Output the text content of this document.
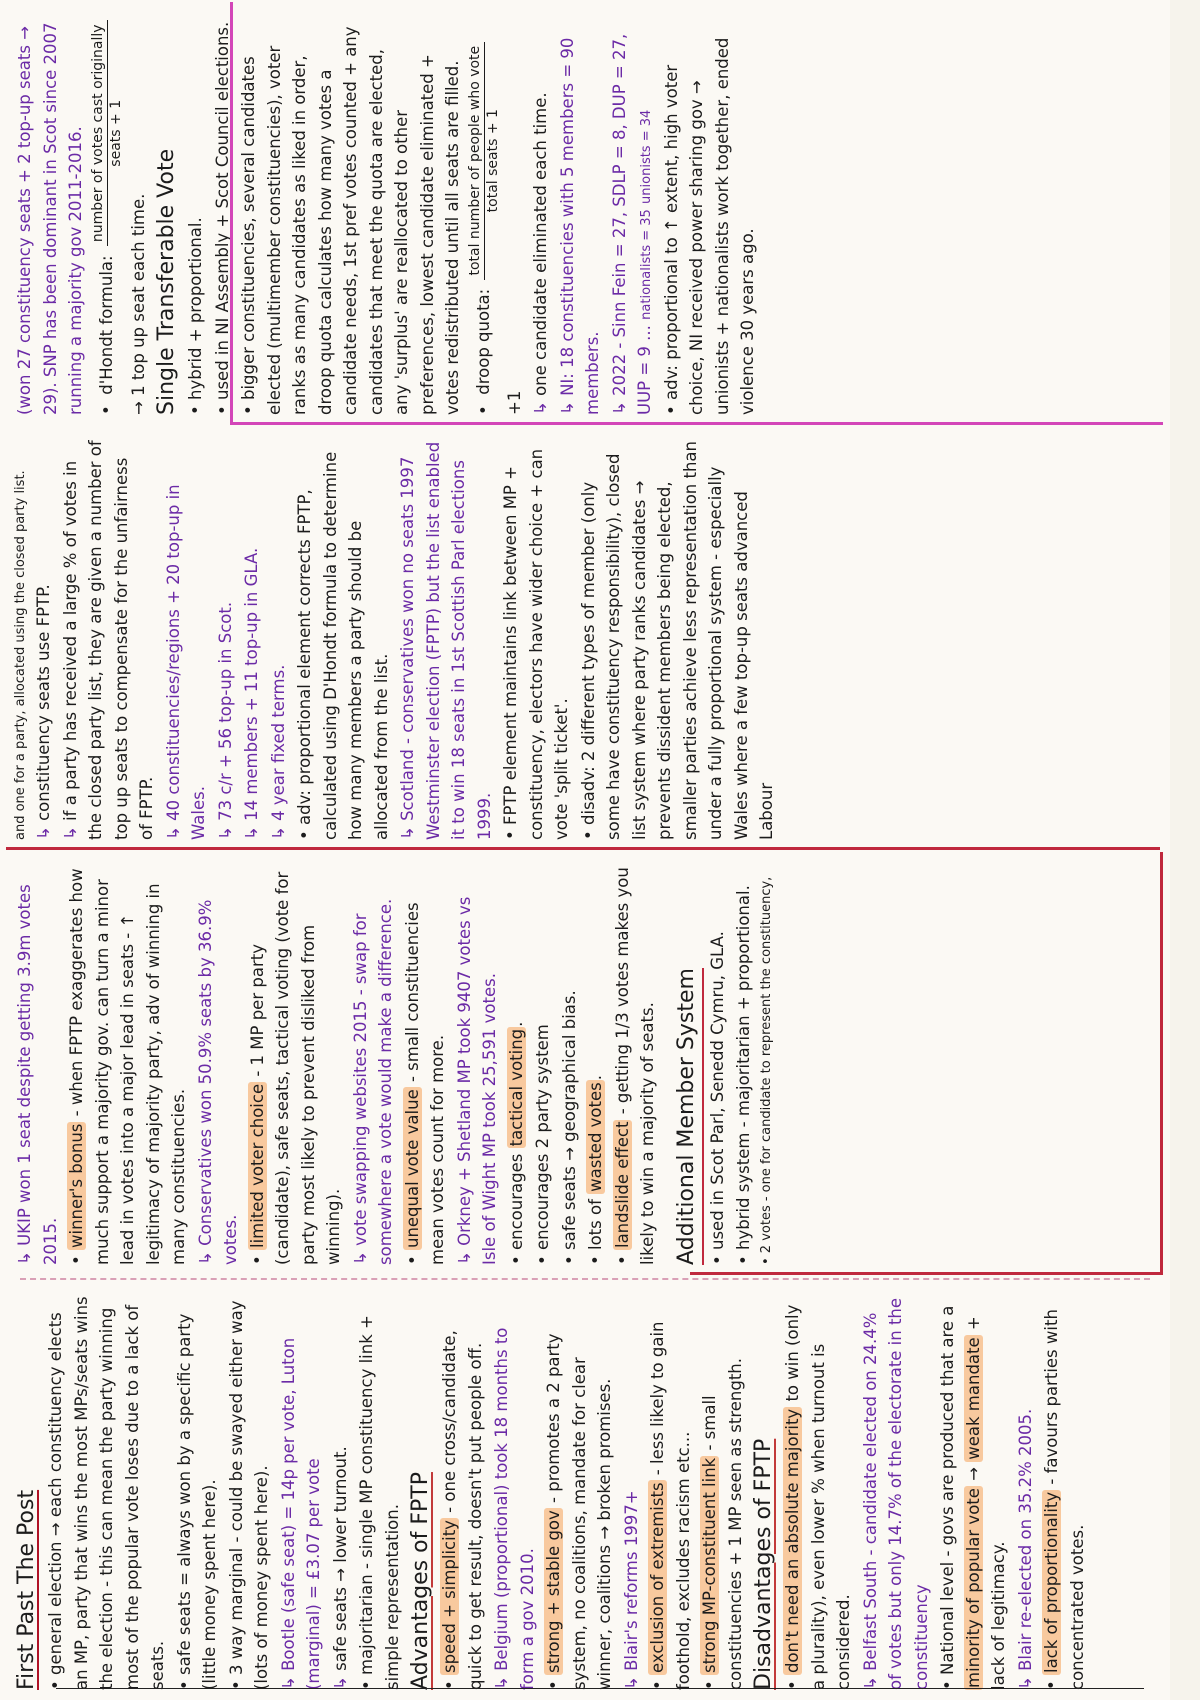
First Past The Post • general election → each constituency elects an MP, party that wins the most MPs/seats wins the election - this can mean the party winning most of the popular vote loses due to a lack of seats. • safe seats = always won by a specific party (little money spent here). • 3 way marginal - could be swayed either way (lots of money spent here). ↳ Bootle (safe seat) = 14p per vote, Luton (marginal) = £3.07 per vote ↳ safe seats → lower turnout. • majoritarian - single MP constituency link + simple representation. Advantages of FPTP • speed + simplicity - one cross/candidate, quick to get result, doesn't put people off. ↳ Belgium (proportional) took 18 months to form a gov 2010. • strong + stable gov - promotes a 2 party system, no coalitions, mandate for clear winner, coalitions → broken promises. ↳ Blair's reforms 1997+ • exclusion of extremists - less likely to gain foothold, excludes racism etc... • strong MP-constituent link - small constituencies + 1 MP seen as strength. Disadvantages of FPTP • don't need an absolute majority to win (only a plurality), even lower % when turnout is considered. ↳ Belfast South - candidate elected on 24.4% of votes but only 14.7% of the electorate in the constituency • National level - govs are produced that are a minority of popular vote → weak mandate + lack of legitimacy. ↳ Blair re-elected on 35.2% 2005. • lack of proportionality - favours parties with concentrated votes.

↳ UKIP won 1 seat despite getting 3.9m votes 2015. • winner's bonus - when FPTP exaggerates how much support a majority gov. can turn a minor lead in votes into a major lead in seats - ↑ legitimacy of majority party, adv of winning in many constituencies. ↳ Conservatives won 50.9% seats by 36.9% votes. • limited voter choice - 1 MP per party (candidate), safe seats, tactical voting (vote for party most likely to prevent disliked from winning). ↳ vote swapping websites 2015 - swap for somewhere a vote would make a difference. • unequal vote value - small constituencies mean votes count for more. ↳ Orkney + Shetland MP took 9407 votes vs Isle of Wight MP took 25,591 votes. • encourages tactical voting. • encourages 2 party system • safe seats → geographical bias. • lots of wasted votes.

• landslide effect - getting 1/3 votes makes you likely to win a majority of seats. Additional Member System • used in Scot Parl, Senedd Cymru, GLA. • hybrid system - majoritarian + proportional. • 2 votes - one for candidate to represent the constituency,

and one for a party, allocated using the closed party list. ↳ constituency seats use FPTP. ↳ if a party has received a large % of votes in the closed party list, they are given a number of top up seats to compensate for the unfairness of FPTP. ↳ 40 constituencies/regions + 20 top-up in Wales. ↳ 73 c/r + 56 top-up in Scot. ↳ 14 members + 11 top-up in GLA. ↳ 4 year fixed terms. • adv: proportional element corrects FPTP, calculated using D'Hondt formula to determine how many members a party should be allocated from the list. ↳ Scotland - conservatives won no seats 1997 Westminster election (FPTP) but the list enabled it to win 18 seats in 1st Scottish Parl elections 1999. • FPTP element maintains link between MP + constituency, electors have wider choice + can vote 'split ticket'. • disadv: 2 different types of member (only some have constituency responsibility), closed list system where party ranks candidates → prevents dissident members being elected, smaller parties achieve less representation than under a fully proportional system - especially Wales where a few top-up seats advanced Labour

(won 27 constituency seats + 2 top-up seats → 29). SNP has been dominant in Scot since 2007 running a majority gov 2011-2016. • d'Hondt formula:
number of votes cast originally seats + 1

→ 1 top up seat each time. Single Transferable Vote • hybrid + proportional. • used in NI Assembly + Scot Council elections. • bigger constituencies, several candidates elected (multimember constituencies), voter ranks as many candidates as liked in order, droop quota calculates how many votes a candidate needs, 1st pref votes counted + any candidates that meet the quota are elected, any 'surplus' are reallocated to other preferences, lowest candidate eliminated + votes redistributed until all seats are filled. • droop quota:
total number of people who vote total seats + 1
+1

↳ one candidate eliminated each time. ↳ NI: 18 constituencies with 5 members = 90 members. ↳ 2022 - Sinn Fein = 27, SDLP = 8, DUP = 27, UUP = 9 ... nationalists = 35 unionists = 34 • adv: proportional to ↑ extent, high voter choice, NI received power sharing gov → unionists + nationalists work together, ended violence 30 years ago.
